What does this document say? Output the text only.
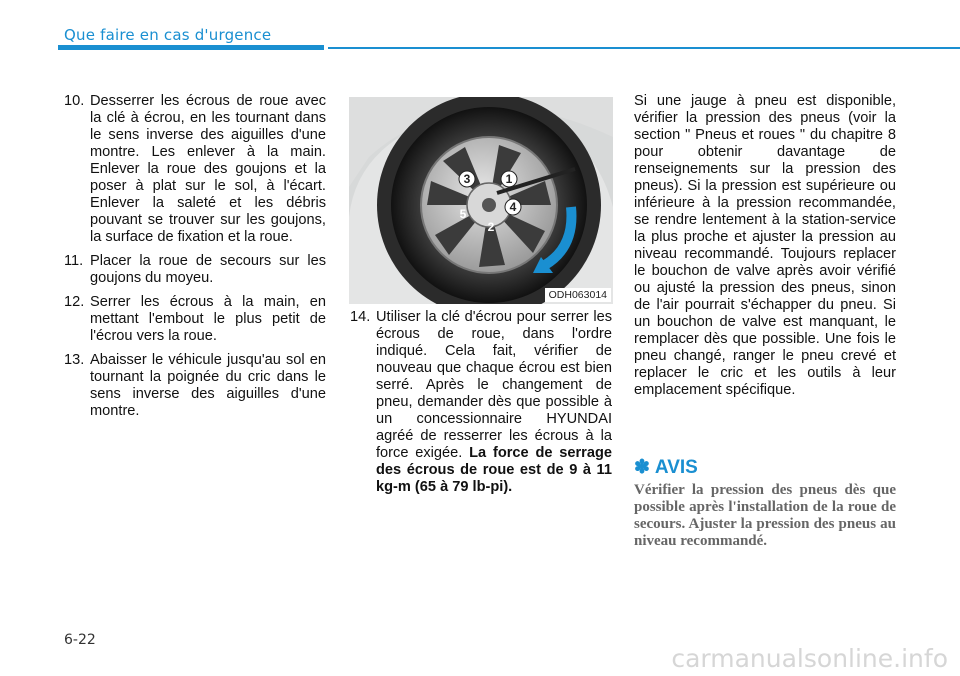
Que faire en cas d'urgence
10. Desserrer les écrous de roue avec la clé à écrou, en les tournant dans le sens inverse des aiguilles d'une montre. Les enlever à la main. Enlever la roue des goujons et la poser à plat sur le sol, à l'écart. Enlever la saleté et les débris pouvant se trouver sur les goujons, la surface de fixation et la roue.
11. Placer la roue de secours sur les goujons du moyeu.
12. Serrer les écrous à la main, en mettant l'embout le plus petit de l'écrou vers la roue.
13. Abaisser le véhicule jusqu'au sol en tournant la poignée du cric dans le sens inverse des aiguilles d'une montre.
1
2
3
4
5
ODH063014
14. Utiliser la clé d'écrou pour serrer les écrous de roue, dans l'ordre indiqué. Cela fait, vérifier de nouveau que chaque écrou est bien serré. Après le changement de pneu, demander dès que possible à un concessionnaire HYUNDAI agréé de resserrer les écrous à la force exigée. La force de serrage des écrous de roue est de 9 à 11 kg-m (65 à 79 lb-pi).

Si une jauge à pneu est disponible, vérifier la pression des pneus (voir la section " Pneus et roues " du chapitre 8 pour obtenir davantage de renseignements sur la pression des pneus). Si la pression est supérieure ou inférieure à la pression recommandée, se rendre lentement à la station-service la plus proche et ajuster la pression au niveau recommandé. Toujours replacer le bouchon de valve après avoir vérifié ou ajusté la pression des pneus, sinon de l'air pourrait s'échapper du pneu. Si un bouchon de valve est manquant, le remplacer dès que possible. Une fois le pneu changé, ranger le pneu crevé et replacer le cric et les outils à leur emplacement spécifique.

✽ AVIS

Vérifier la pression des pneus dès que possible après l'installation de la roue de secours. Ajuster la pression des pneus au niveau recommandé.

6-22
carmanualsonline.info
